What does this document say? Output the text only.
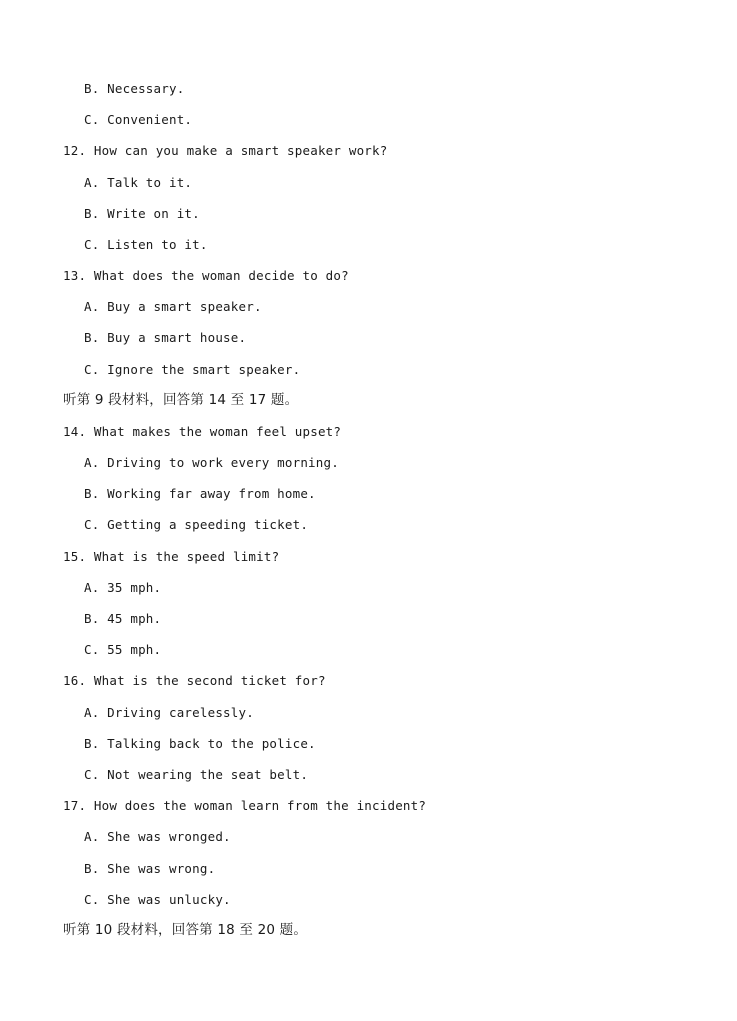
B. Necessary.
C. Convenient.
12. How can you make a smart speaker work?
A. Talk to it.
B. Write on it.
C. Listen to it.
13. What does the woman decide to do?
A. Buy a smart speaker.
B. Buy a smart house.
C. Ignore the smart speaker.
听第 9 段材料，回答第 14 至 17 题。
14. What makes the woman feel upset?
A. Driving to work every morning.
B. Working far away from home.
C. Getting a speeding ticket.
15. What is the speed limit?
A. 35 mph.
B. 45 mph.
C. 55 mph.
16. What is the second ticket for?
A. Driving carelessly.
B. Talking back to the police.
C. Not wearing the seat belt.
17. How does the woman learn from the incident?
A. She was wronged.
B. She was wrong.
C. She was unlucky.
听第 10 段材料，回答第 18 至 20 题。
